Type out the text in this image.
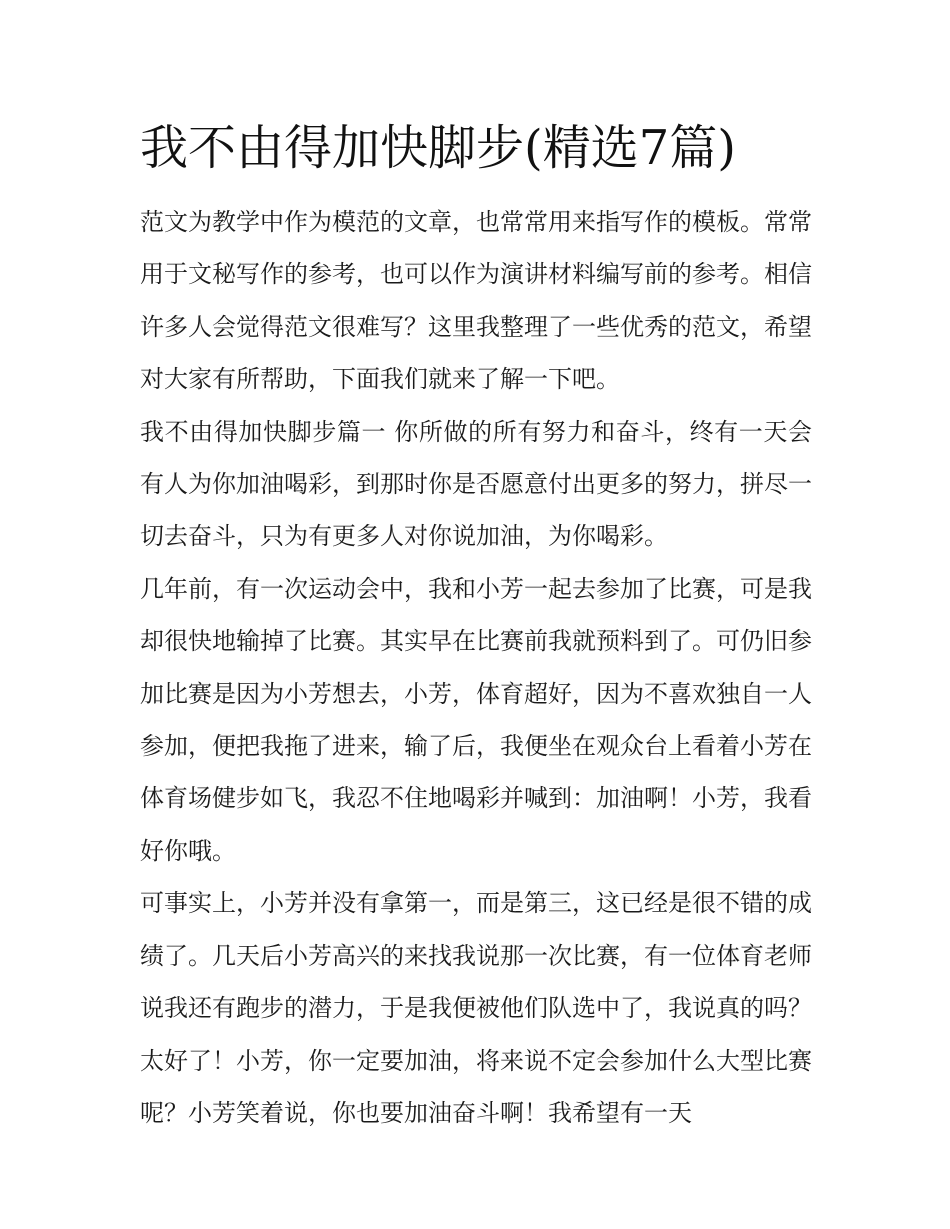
我不由得加快脚步(精选7篇)

范文为教学中作为模范的文章，也常常用来指写作的模板。常常用于文秘写作的参考，也可以作为演讲材料编写前的参考。相信许多人会觉得范文很难写？这里我整理了一些优秀的范文，希望对大家有所帮助，下面我们就来了解一下吧。

我不由得加快脚步篇一 你所做的所有努力和奋斗，终有一天会有人为你加油喝彩，到那时你是否愿意付出更多的努力，拼尽一切去奋斗，只为有更多人对你说加油，为你喝彩。

几年前，有一次运动会中，我和小芳一起去参加了比赛，可是我却很快地输掉了比赛。其实早在比赛前我就预料到了。可仍旧参加比赛是因为小芳想去，小芳，体育超好，因为不喜欢独自一人参加，便把我拖了进来，输了后，我便坐在观众台上看着小芳在体育场健步如飞，我忍不住地喝彩并喊到：加油啊！小芳，我看好你哦。

可事实上，小芳并没有拿第一，而是第三，这已经是很不错的成绩了。几天后小芳高兴的来找我说那一次比赛，有一位体育老师说我还有跑步的潜力，于是我便被他们队选中了，我说真的吗？太好了！小芳，你一定要加油，将来说不定会参加什么大型比赛呢？小芳笑着说，你也要加油奋斗啊！我希望有一天
